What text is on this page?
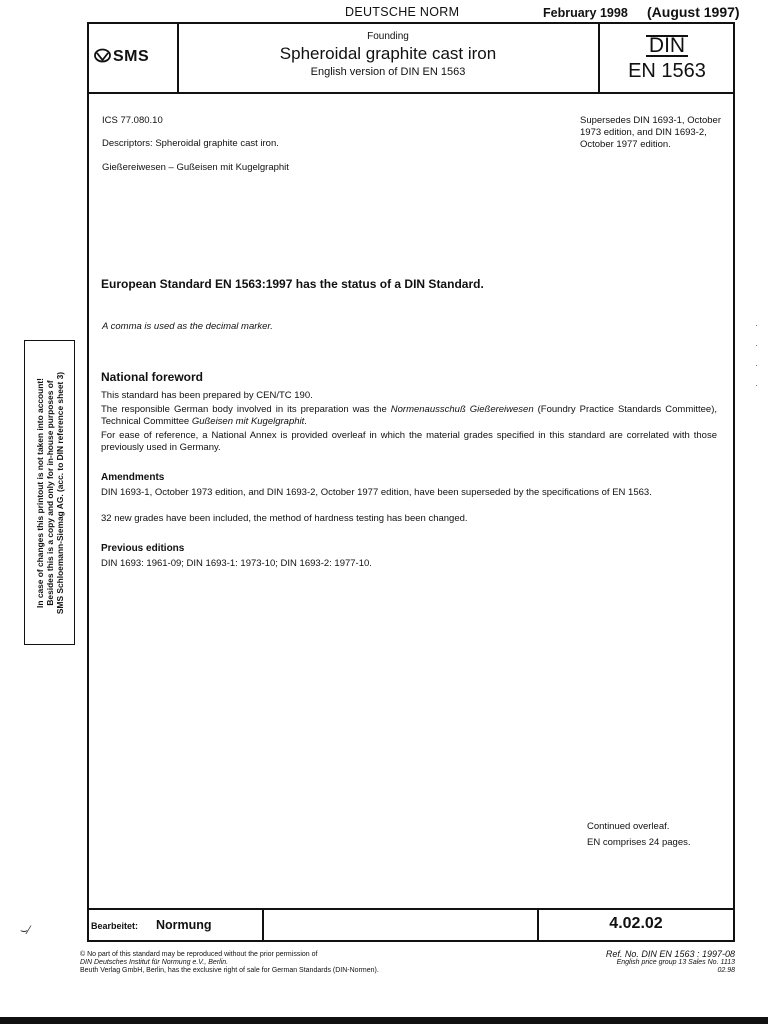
DEUTSCHE NORM	February 1998 (August 1997)
SMS
Founding
Spheroidal graphite cast iron
English version of DIN EN 1563
DIN
EN 1563
ICS 77.080.10
Descriptors: Spheroidal graphite cast iron.
Gießereiwesen – Gußeisen mit Kugelgraphit
Supersedes DIN 1693-1, October 1973 edition, and DIN 1693-2, October 1977 edition.
European Standard EN 1563:1997 has the status of a DIN Standard.
A comma is used as the decimal marker.
National foreword
This standard has been prepared by CEN/TC 190.
The responsible German body involved in its preparation was the Normenausschuß Gießereiwesen (Foundry Practice Standards Committee), Technical Committee Gußeisen mit Kugelgraphit.
For ease of reference, a National Annex is provided overleaf in which the material grades specified in this standard are correlated with those previously used in Germany.
Amendments
DIN 1693-1, October 1973 edition, and DIN 1693-2, October 1977 edition, have been superseded by the specifications of EN 1563.
32 new grades have been included, the method of hardness testing has been changed.
Previous editions
DIN 1693: 1961-09; DIN 1693-1: 1973-10; DIN 1693-2: 1977-10.
Continued overleaf.
EN comprises 24 pages.
Bearbeitet: Normung	4.02.02
© No part of this standard may be reproduced without the prior permission of
DIN Deutsches Institut für Normung e.V., Berlin.
Beuth Verlag GmbH, Berlin, has the exclusive right of sale for German Standards (DIN-Normen).
Ref. No. DIN EN 1563 : 1997-08
English price group 13 Sales No. 1113
02.98
In case of changes this printout is not taken into account! Besides this is a copy and only for in-house purposes of SMS Schloemann-Siemag AG. (acc. to DIN reference sheet 3)
⌣⁄
·
·
·
·
